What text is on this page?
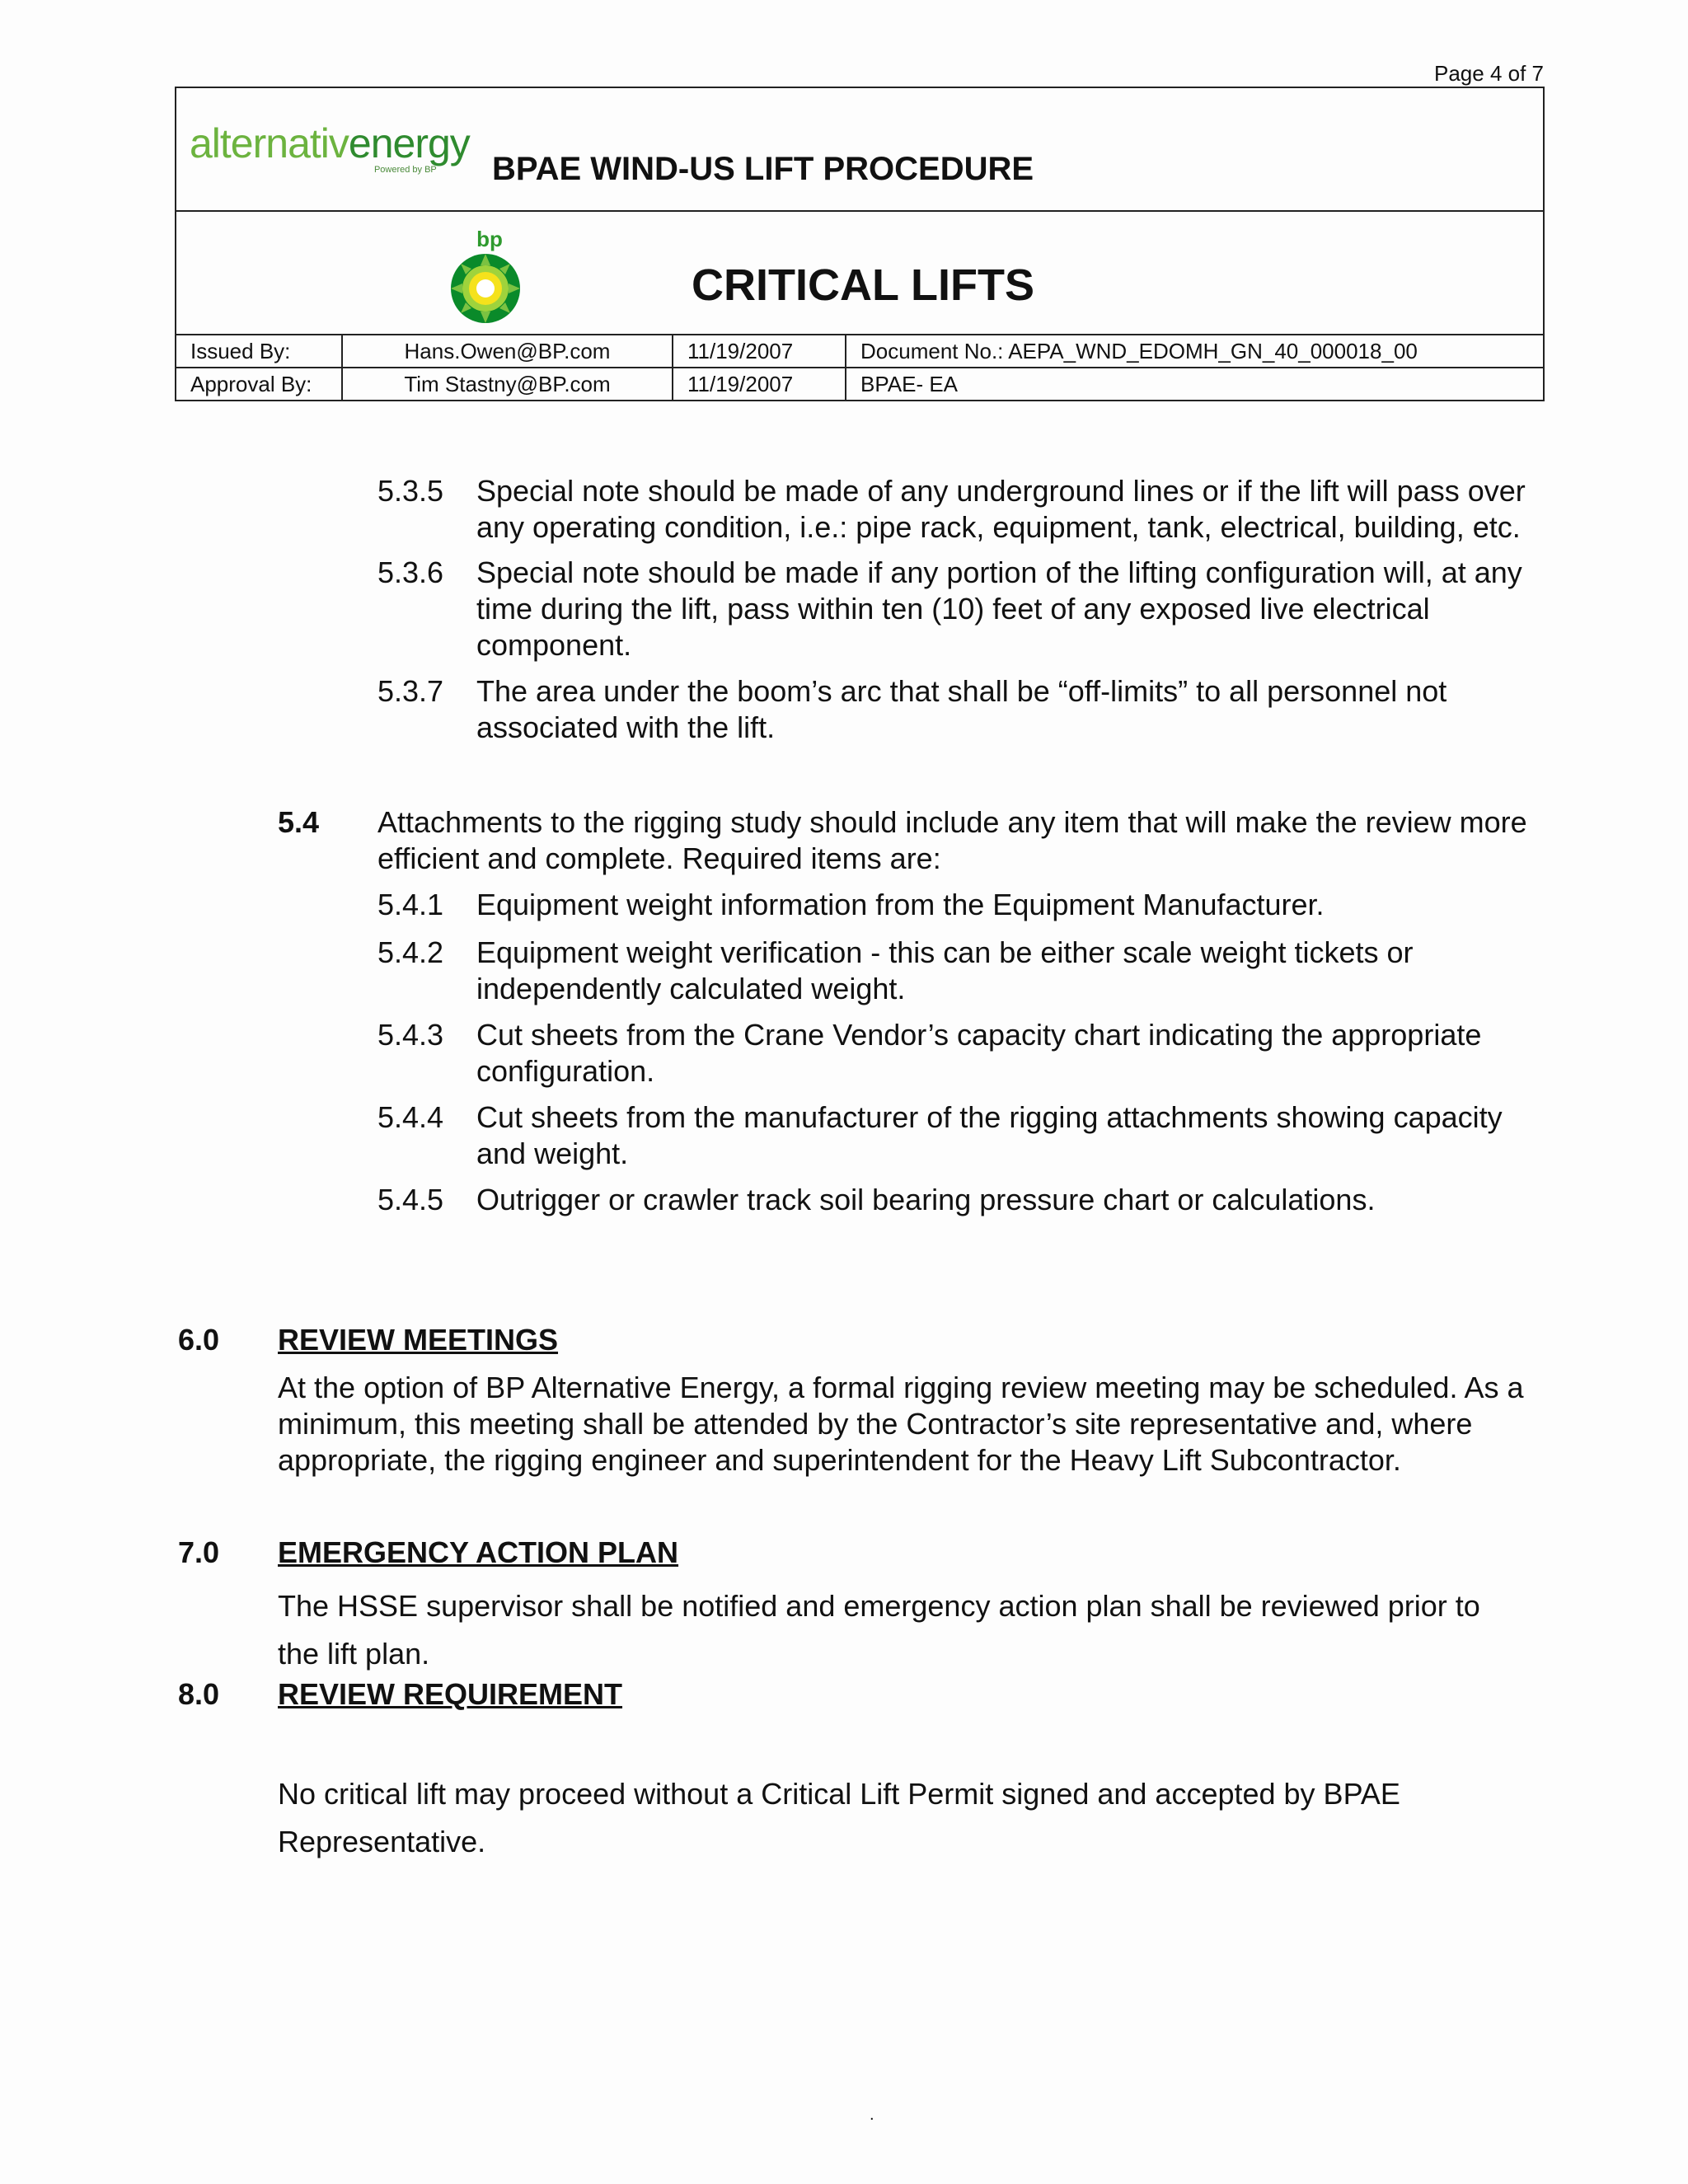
Page 4 of 7
alternativenergy
Powered by BP BPAE WIND-US LIFT PROCEDURE
bp
CRITICAL LIFTS
Issued By:	Hans.Owen@BP.com	11/19/2007	Document No.: AEPA_WND_EDOMH_GN_40_000018_00
Approval By:	Tim Stastny@BP.com	11/19/2007	BPAE- EA
5.3.5 Special note should be made of any underground lines or if the lift will pass over any operating condition, i.e.: pipe rack, equipment, tank, electrical, building, etc.
5.3.6 Special note should be made if any portion of the lifting configuration will, at any time during the lift, pass within ten (10) feet of any exposed live electrical component.
5.3.7 The area under the boom’s arc that shall be “off-limits” to all personnel not associated with the lift.
5.4 Attachments to the rigging study should include any item that will make the review more efficient and complete. Required items are:
5.4.1 Equipment weight information from the Equipment Manufacturer.
5.4.2 Equipment weight verification - this can be either scale weight tickets or independently calculated weight.
5.4.3 Cut sheets from the Crane Vendor’s capacity chart indicating the appropriate configuration.
5.4.4 Cut sheets from the manufacturer of the rigging attachments showing capacity and weight.
5.4.5 Outrigger or crawler track soil bearing pressure chart or calculations.
6.0 REVIEW MEETINGS
At the option of BP Alternative Energy, a formal rigging review meeting may be scheduled. As a minimum, this meeting shall be attended by the Contractor’s site representative and, where appropriate, the rigging engineer and superintendent for the Heavy Lift Subcontractor.
7.0 EMERGENCY ACTION PLAN
The HSSE supervisor shall be notified and emergency action plan shall be reviewed prior to the lift plan.
8.0 REVIEW REQUIREMENT
No critical lift may proceed without a Critical Lift Permit signed and accepted by BPAE Representative.
.
